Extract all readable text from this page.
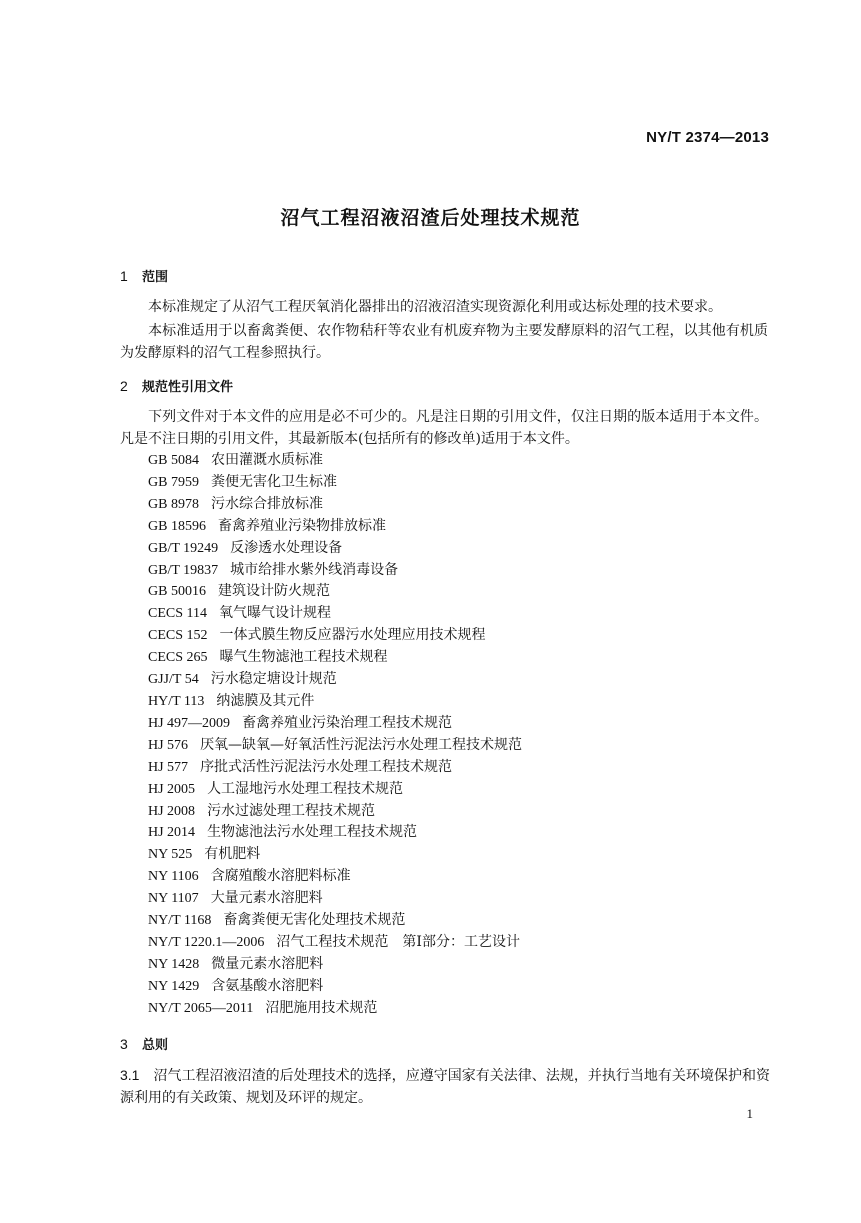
NY/T 2374—2013
沼气工程沼液沼渣后处理技术规范
1 范围
本标准规定了从沼气工程厌氧消化器排出的沼液沼渣实现资源化利用或达标处理的技术要求。
本标准适用于以畜禽粪便、农作物秸秆等农业有机废弃物为主要发酵原料的沼气工程，以其他有机质为发酵原料的沼气工程参照执行。
2 规范性引用文件
下列文件对于本文件的应用是必不可少的。凡是注日期的引用文件，仅注日期的版本适用于本文件。凡是不注日期的引用文件，其最新版本(包括所有的修改单)适用于本文件。
GB 5084 农田灌溉水质标准
GB 7959 粪便无害化卫生标准
GB 8978 污水综合排放标准
GB 18596 畜禽养殖业污染物排放标准
GB/T 19249 反渗透水处理设备
GB/T 19837 城市给排水紫外线消毒设备
GB 50016 建筑设计防火规范
CECS 114 氧气曝气设计规程
CECS 152 一体式膜生物反应器污水处理应用技术规程
CECS 265 曝气生物滤池工程技术规程
GJJ/T 54 污水稳定塘设计规范
HY/T 113 纳滤膜及其元件
HJ 497—2009 畜禽养殖业污染治理工程技术规范
HJ 576 厌氧—缺氧—好氧活性污泥法污水处理工程技术规范
HJ 577 序批式活性污泥法污水处理工程技术规范
HJ 2005 人工湿地污水处理工程技术规范
HJ 2008 污水过滤处理工程技术规范
HJ 2014 生物滤池法污水处理工程技术规范
NY 525 有机肥料
NY 1106 含腐殖酸水溶肥料标准
NY 1107 大量元素水溶肥料
NY/T 1168 畜禽粪便无害化处理技术规范
NY/T 1220.1—2006 沼气工程技术规范　第Ⅰ部分：工艺设计
NY 1428 微量元素水溶肥料
NY 1429 含氨基酸水溶肥料
NY/T 2065—2011 沼肥施用技术规范
3 总则
3.1 沼气工程沼液沼渣的后处理技术的选择，应遵守国家有关法律、法规，并执行当地有关环境保护和资源利用的有关政策、规划及环评的规定。
1
